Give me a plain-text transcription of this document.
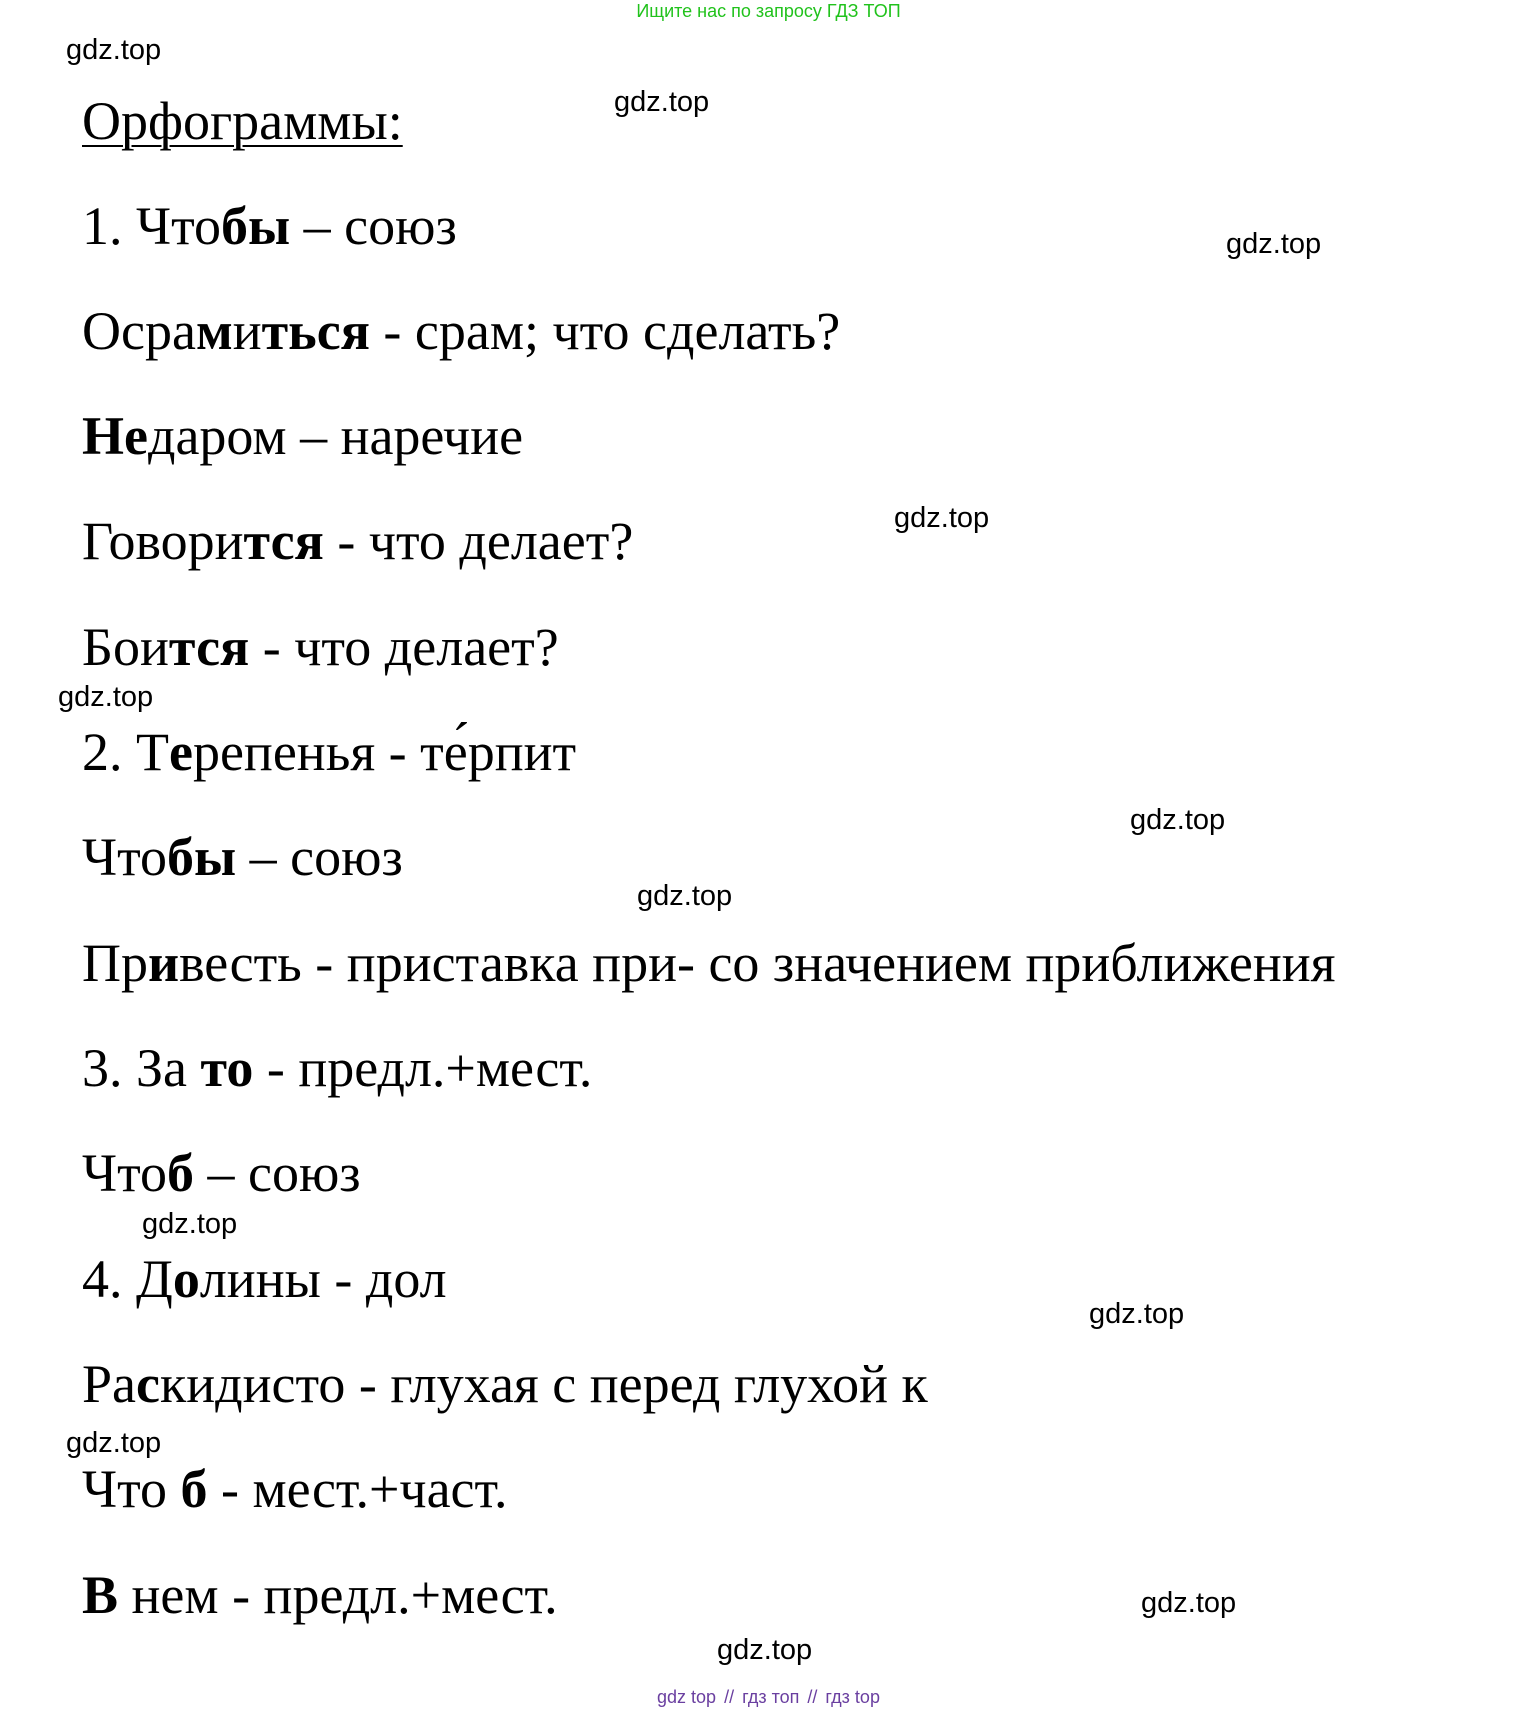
Ищите нас по запросу ГДЗ ТОП
gdz.top
gdz.top
gdz.top
gdz.top
gdz.top
gdz.top
gdz.top
gdz.top
gdz.top
gdz.top
gdz.top
gdz.top
Орфограммы:
1. Чтобы – союз
Осрамиться - срам; что сделать?
Недаром – наречие
Говорится - что делает?
Боится - что делает?
2. Терепенья - те́рпит
Чтобы – союз
Привесть - приставка при- со значением приближения
3. За то - предл.+мест.
Чтоб – союз
4. Долины - дол
Раскидисто - глухая с перед глухой к
Что б - мест.+част.
В нем - предл.+мест.
gdz top // гдз топ // гдз top
